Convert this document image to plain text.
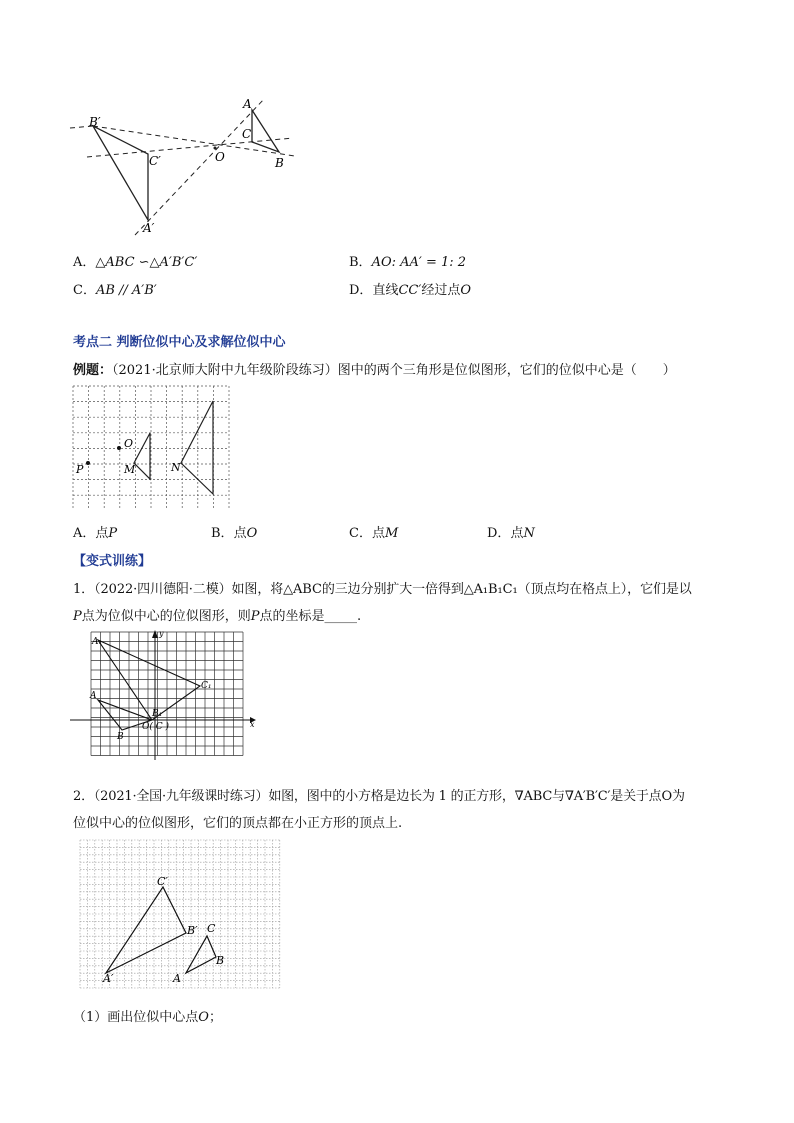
B′
C′
A′
O
A
C
B
A．△ABC ∽△A′B′C′	B．AO: AA′ = 1: 2
C．AB // A′B′	D．直线CC′经过点O
考点二 判断位似中心及求解位似中心
例题：（2021·北京师大附中九年级阶段练习）图中的两个三角形是位似图形，它们的位似中心是（　　）
P
O
M	N
A．点P	B．点O	C．点M	D．点N
【变式训练】
1．（2022·四川德阳·二模）如图，将△ABC的三边分别扩大一倍得到△A₁B₁C₁（顶点均在格点上），它们是以
P点为位似中心的位似图形，则P点的坐标是_____.
A₁
C₁
A
B₁
B
O( C )	x
y
2．（2021·全国·九年级课时练习）如图，图中的小方格是边长为 1 的正方形，∇ABC与∇A′B′C′是关于点O为
位似中心的位似图形，它们的顶点都在小正方形的顶点上.
C′
B′ C
B
A′	A
（1）画出位似中心点O；
